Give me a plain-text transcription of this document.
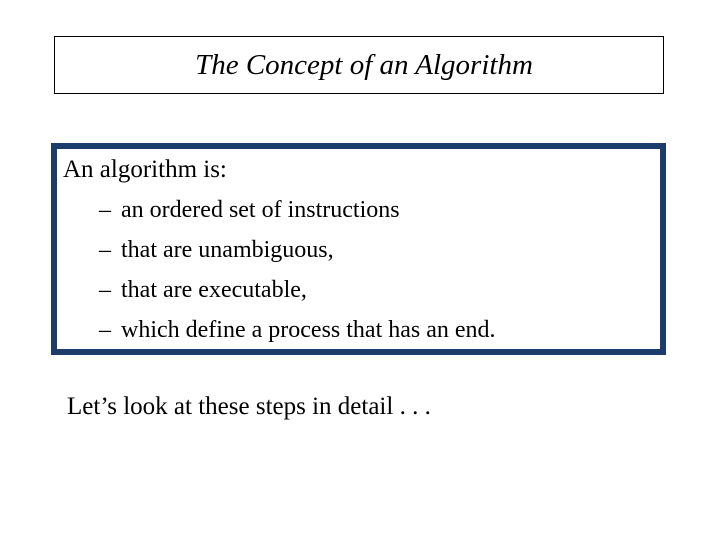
The Concept of an Algorithm
An algorithm is:
– an ordered set of instructions
– that are unambiguous,
– that are executable,
– which define a process that has an end.
Let’s look at these steps in detail . . .
